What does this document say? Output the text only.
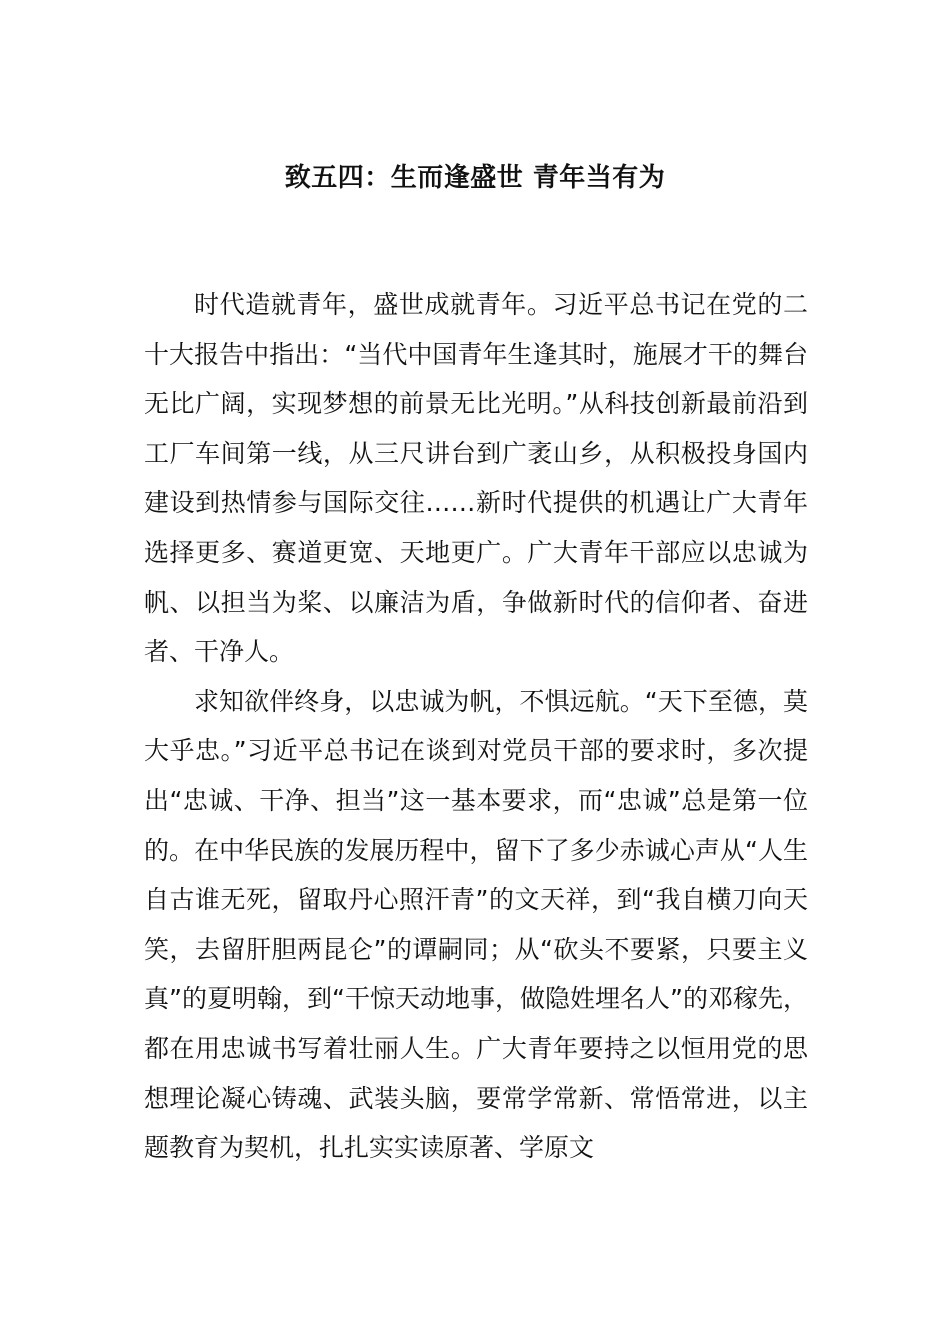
致五四：生而逢盛世 青年当有为

时代造就青年，盛世成就青年。习近平总书记在党的二十大报告中指出：“当代中国青年生逢其时，施展才干的舞台无比广阔，实现梦想的前景无比光明。”从科技创新最前沿到工厂车间第一线，从三尺讲台到广袤山乡，从积极投身国内建设到热情参与国际交往……新时代提供的机遇让广大青年选择更多、赛道更宽、天地更广。广大青年干部应以忠诚为帆、以担当为桨、以廉洁为盾，争做新时代的信仰者、奋进者、干净人。

求知欲伴终身，以忠诚为帆，不惧远航。“天下至德，莫大乎忠。”习近平总书记在谈到对党员干部的要求时，多次提出“忠诚、干净、担当”这一基本要求，而“忠诚”总是第一位的。在中华民族的发展历程中，留下了多少赤诚心声从“人生自古谁无死，留取丹心照汗青”的文天祥，到“我自横刀向天笑，去留肝胆两昆仑”的谭嗣同；从“砍头不要紧，只要主义真”的夏明翰，到“干惊天动地事，做隐姓埋名人”的邓稼先，都在用忠诚书写着壮丽人生。广大青年要持之以恒用党的思想理论凝心铸魂、武装头脑，要常学常新、常悟常进，以主题教育为契机，扎扎实实读原著、学原文
